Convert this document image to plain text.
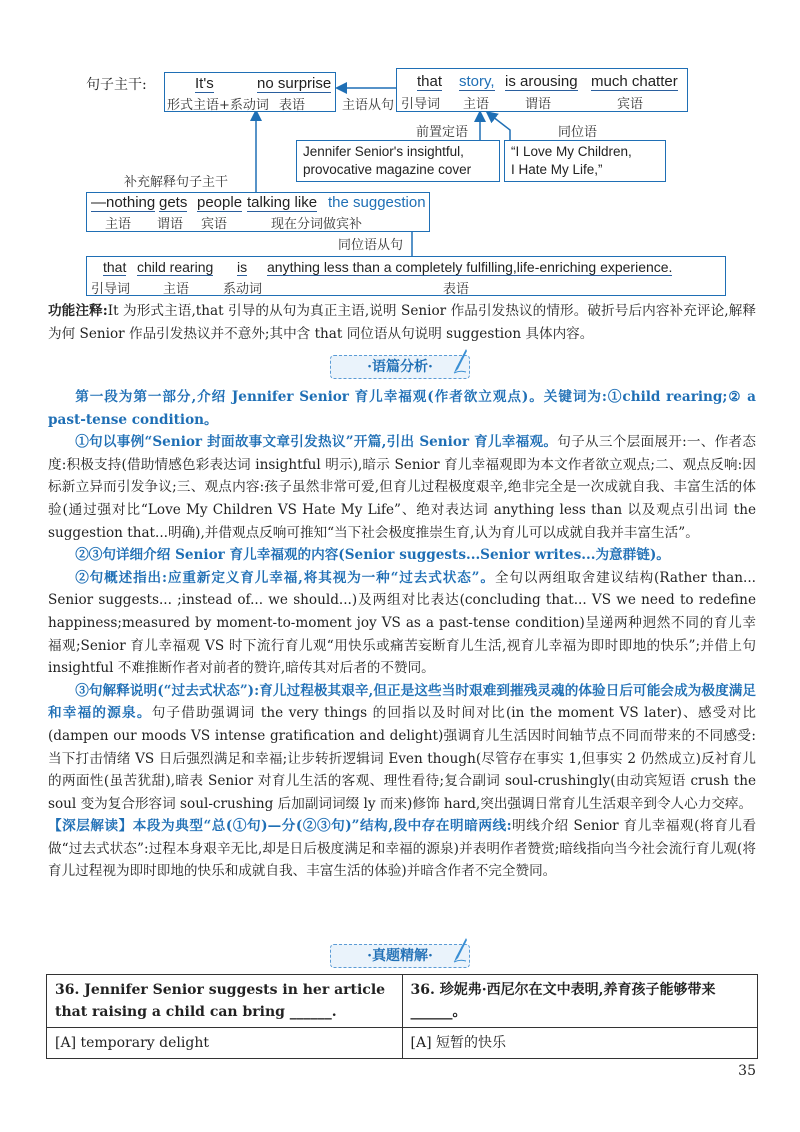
句子主干:	It's	no surprise
形式主语+系动词 表语	主语从句
that story, is arousing much chatter
引导词 主语	谓语	宾语
前置定语	同位语
Jennifer Senior's insightful,
provocative magazine cover
“I Love My Children,
I Hate My Life,”
补充解释句子主干
—nothing gets people talking like the suggestion
主语 谓语 宾语	现在分词做宾补
同位语从句
that child rearing is anything less than a completely fulfilling,life-enriching experience.
引导词	主语	系动词	表语

功能注释:It 为形式主语,that 引导的从句为真正主语,说明 Senior 作品引发热议的情形。破折号后内容补充评论,解释为何 Senior 作品引发热议并不意外;其中含 that 同位语从句说明 suggestion 具体内容。

·语篇分析·

第一段为第一部分,介绍 Jennifer Senior 育儿幸福观(作者欲立观点)。关键词为:①child rearing;② a past-tense condition。

①句以事例“Senior 封面故事文章引发热议”开篇,引出 Senior 育儿幸福观。句子从三个层面展开:一、作者态度:积极支持(借助情感色彩表达词 insightful 明示),暗示 Senior 育儿幸福观即为本文作者欲立观点;二、观点反响:因标新立异而引发争议;三、观点内容:孩子虽然非常可爱,但育儿过程极度艰辛,绝非完全是一次成就自我、丰富生活的体验(通过强对比“Love My Children VS Hate My Life”、绝对表达词 anything less than 以及观点引出词 the suggestion that...明确),并借观点反响可推知“当下社会极度推崇生育,认为育儿可以成就自我并丰富生活”。

②③句详细介绍 Senior 育儿幸福观的内容(Senior suggests...Senior writes...为意群链)。

②句概述指出:应重新定义育儿幸福,将其视为一种“过去式状态”。全句以两组取舍建议结构(Rather than... Senior suggests... ;instead of... we should...)及两组对比表达(concluding that... VS we need to redefine happiness;measured by moment-to-moment joy VS as a past-tense condition)呈递两种迥然不同的育儿幸福观;Senior 育儿幸福观 VS 时下流行育儿观“用快乐或痛苦妄断育儿生活,视育儿幸福为即时即地的快乐”;并借上句 insightful 不难推断作者对前者的赞许,暗传其对后者的不赞同。

③句解释说明(“过去式状态”):育儿过程极其艰辛,但正是这些当时艰难到摧残灵魂的体验日后可能会成为极度满足和幸福的源泉。句子借助强调词 the very things 的回指以及时间对比(in the moment VS later)、感受对比(dampen our moods VS intense gratification and delight)强调育儿生活因时间轴节点不同而带来的不同感受:当下打击情绪 VS 日后强烈满足和幸福;让步转折逻辑词 Even though(尽管存在事实 1,但事实 2 仍然成立)反衬育儿的两面性(虽苦犹甜),暗表 Senior 对育儿生活的客观、理性看待;复合副词 soul-crushingly(由动宾短语 crush the soul 变为复合形容词 soul-crushing 后加副词词缀 ly 而来)修饰 hard,突出强调日常育儿生活艰辛到令人心力交瘁。

【深层解读】本段为典型“总(①句)—分(②③句)”结构,段中存在明暗两线:明线介绍 Senior 育儿幸福观(将育儿看做“过去式状态”:过程本身艰辛无比,却是日后极度满足和幸福的源泉)并表明作者赞赏;暗线指向当今社会流行育儿观(将育儿过程视为即时即地的快乐和成就自我、丰富生活的体验)并暗含作者不完全赞同。

·真题精解·
36. Jennifer Senior suggests in her article that raising a child can bring ______.	36. 珍妮弗·西尼尔在文中表明,养育孩子能够带来______。
[A] temporary delight	[A] 短暂的快乐
35
